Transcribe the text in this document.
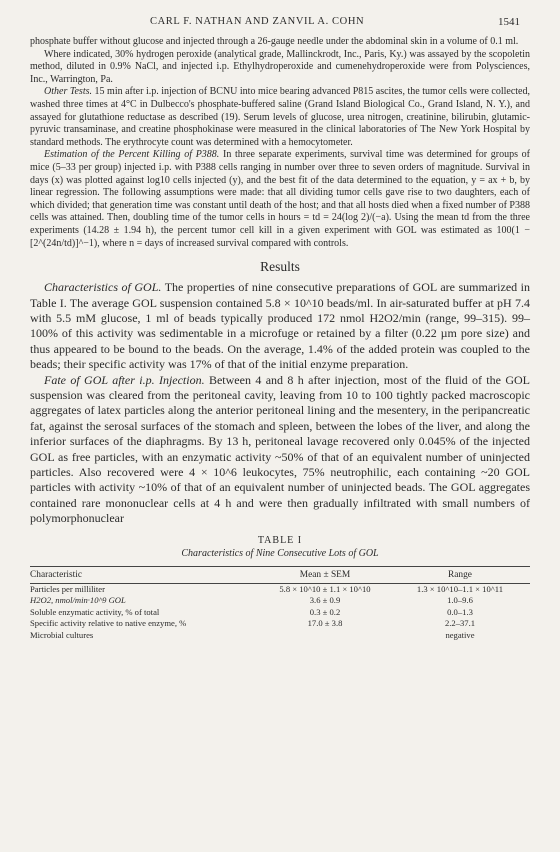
CARL F. NATHAN AND ZANVIL A. COHN	1541

phosphate buffer without glucose and injected through a 26-gauge needle under the abdominal skin in a volume of 0.1 ml.

Where indicated, 30% hydrogen peroxide (analytical grade, Mallinckrodt, Inc., Paris, Ky.) was assayed by the scopoletin method, diluted in 0.9% NaCl, and injected i.p. Ethylhydroperoxide and cumenehydroperoxide were from Polysciences, Inc., Warrington, Pa.

Other Tests. 15 min after i.p. injection of BCNU into mice bearing advanced P815 ascites, the tumor cells were collected, washed three times at 4°C in Dulbecco's phosphate-buffered saline (Grand Island Biological Co., Grand Island, N. Y.), and assayed for glutathione reductase as described (19). Serum levels of glucose, urea nitrogen, creatinine, bilirubin, glutamic-pyruvic transaminase, and creatine phosphokinase were measured in the clinical laboratories of The New York Hospital by standard methods. The erythrocyte count was determined with a hemocytometer.

Estimation of the Percent Killing of P388. In three separate experiments, survival time was determined for groups of mice (5–33 per group) injected i.p. with P388 cells ranging in number over three to seven orders of magnitude. Survival in days (x) was plotted against log10 cells injected (y), and the best fit of the data determined to the equation, y = ax + b, by linear regression. The following assumptions were made: that all dividing tumor cells gave rise to two daughters, each of which divided; that generation time was constant until death of the host; and that all hosts died when a fixed number of P388 cells was attained. Then, doubling time of the tumor cells in hours = td = 24(log 2)/(−a). Using the mean td from the three experiments (14.28 ± 1.94 h), the percent tumor cell kill in a given experiment with GOL was estimated as 100(1 − [2^(24n/td)]^−1), where n = days of increased survival compared with controls.

Results

Characteristics of GOL. The properties of nine consecutive preparations of GOL are summarized in Table I. The average GOL suspension contained 5.8 × 10^10 beads/ml. In air-saturated buffer at pH 7.4 with 5.5 mM glucose, 1 ml of beads typically produced 172 nmol H2O2/min (range, 99–315). 99–100% of this activity was sedimentable in a microfuge or retained by a filter (0.22 µm pore size) and thus appeared to be bound to the beads. On the average, 1.4% of the added protein was coupled to the beads; their specific activity was 17% of that of the initial enzyme preparation.

Fate of GOL after i.p. Injection. Between 4 and 8 h after injection, most of the fluid of the GOL suspension was cleared from the peritoneal cavity, leaving from 10 to 100 tightly packed macroscopic aggregates of latex particles along the anterior peritoneal lining and the mesentery, in the peripancreatic fat, against the serosal surfaces of the stomach and spleen, between the lobes of the liver, and along the inferior surfaces of the diaphragms. By 13 h, peritoneal lavage recovered only 0.045% of the injected GOL as free particles, with an enzymatic activity ~50% of that of an equivalent number of uninjected particles. Also recovered were 4 × 10^6 leukocytes, 75% neutrophilic, each containing ~20 GOL particles with activity ~10% of that of an equivalent number of uninjected beads. The GOL aggregates contained rare mononuclear cells at 4 h and were then gradually infiltrated with small numbers of polymorphonuclear

TABLE I
Characteristics of Nine Consecutive Lots of GOL
Characteristic	Mean ± SEM	Range
Particles per milliliter	5.8 × 10^10 ± 1.1 × 10^10	1.3 × 10^10–1.1 × 10^11
H2O2, nmol/min·10^9 GOL	3.6 ± 0.9	1.0–9.6
Soluble enzymatic activity, % of total	0.3 ± 0.2	0.0–1.3
Specific activity relative to native enzyme, %	17.0 ± 3.8	2.2–37.1
Microbial cultures		negative
